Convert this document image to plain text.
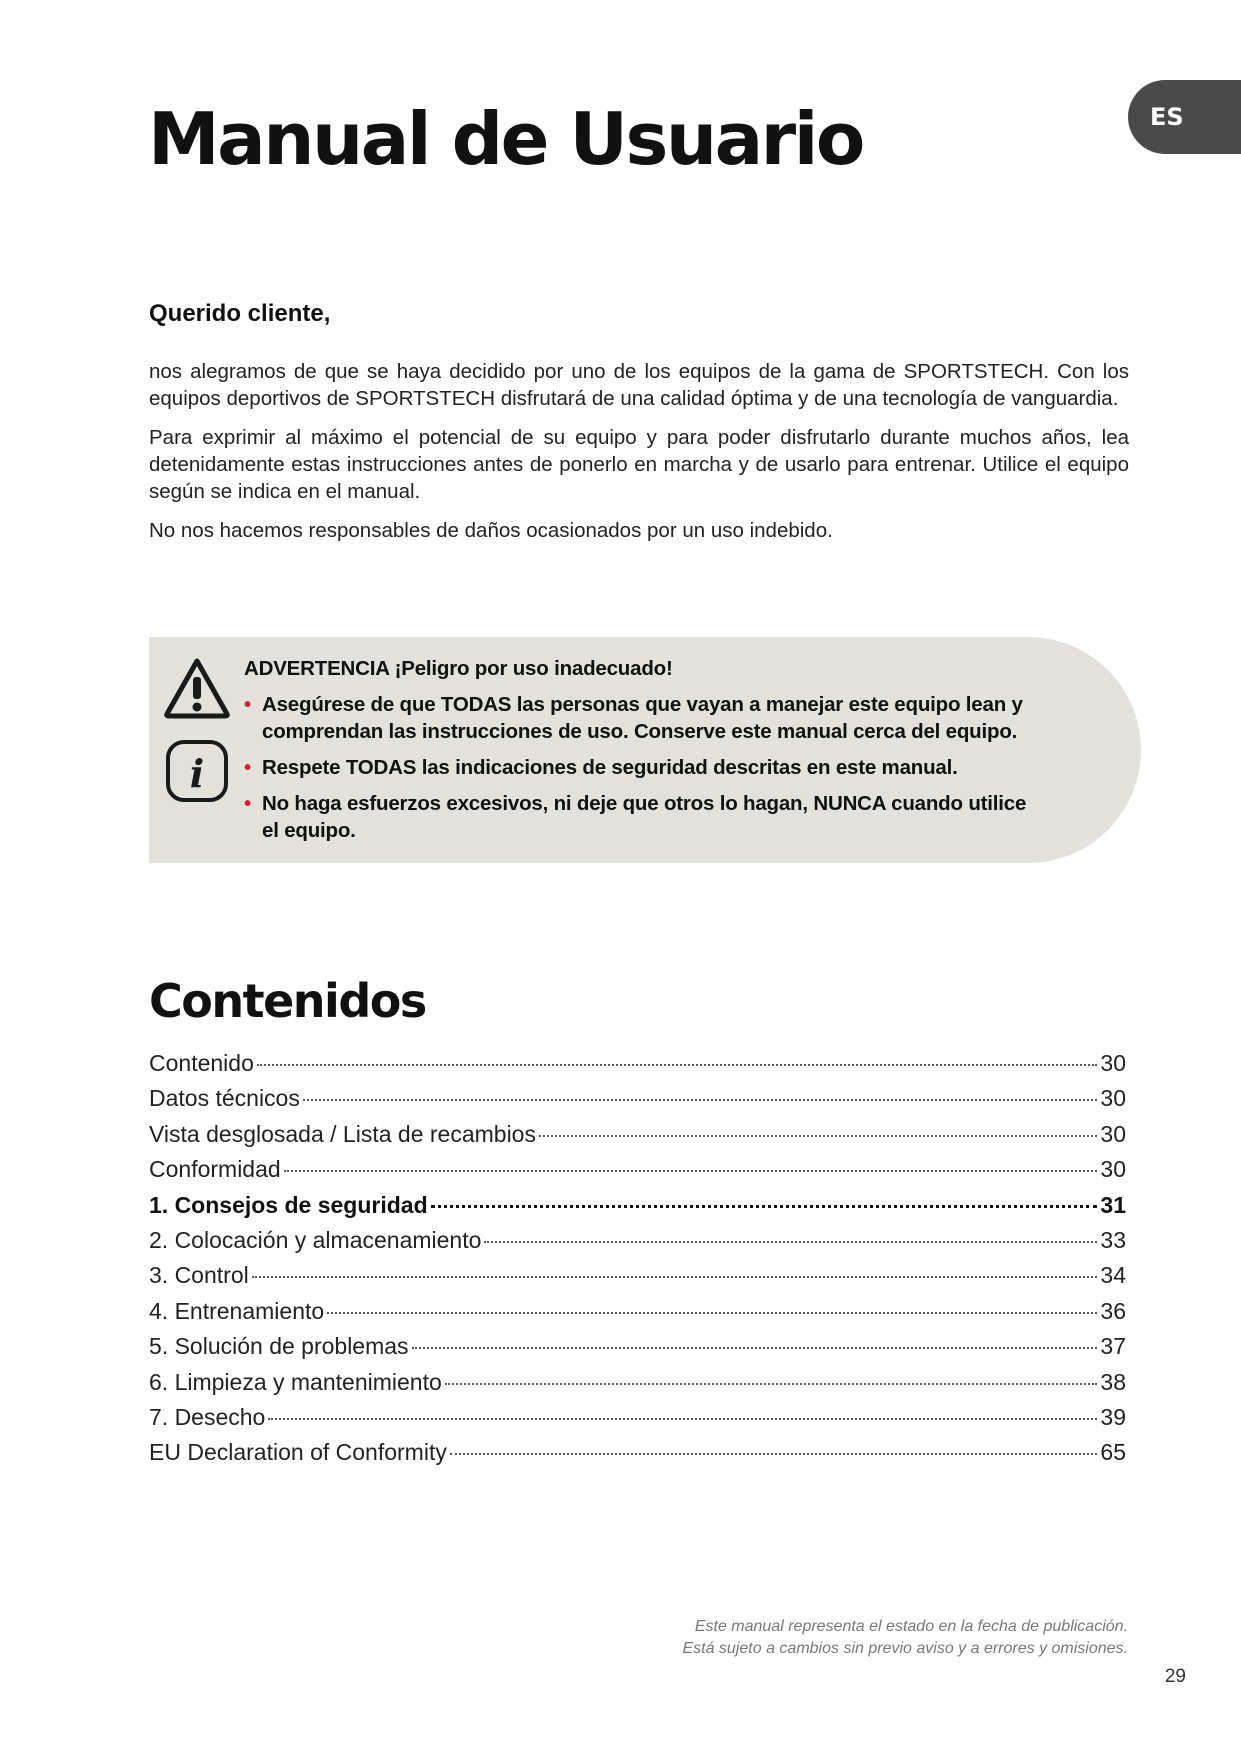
Manual de Usuario	ES
Querido cliente,

nos alegramos de que se haya decidido por uno de los equipos de la gama de SPORTSTECH. Con los equipos deportivos de SPORTSTECH disfrutará de una calidad óptima y de una tecnología de vanguardia.

Para exprimir al máximo el potencial de su equipo y para poder disfrutarlo durante muchos años, lea detenidamente estas instrucciones antes de ponerlo en marcha y de usarlo para entrenar. Utilice el equipo según se indica en el manual.

No nos hacemos responsables de daños ocasionados por un uso indebido.

i

ADVERTENCIA ¡Peligro por uso inadecuado!

• Asegúrese de que TODAS las personas que vayan a manejar este equipo lean y comprendan las instrucciones de uso. Conserve este manual cerca del equipo.
• Respete TODAS las indicaciones de seguridad descritas en este manual.
• No haga esfuerzos excesivos, ni deje que otros lo hagan, NUNCA cuando utilice el equipo.
Contenidos
Contenido	30
Datos técnicos	30
Vista desglosada / Lista de recambios	30
Conformidad	30
1. Consejos de seguridad	31
2. Colocación y almacenamiento	33
3. Control	34
4. Entrenamiento	36
5. Solución de problemas	37
6. Limpieza y mantenimiento	38
7. Desecho	39
EU Declaration of Conformity	65
Este manual representa el estado en la fecha de publicación.
Está sujeto a cambios sin previo aviso y a errores y omisiones.
29
